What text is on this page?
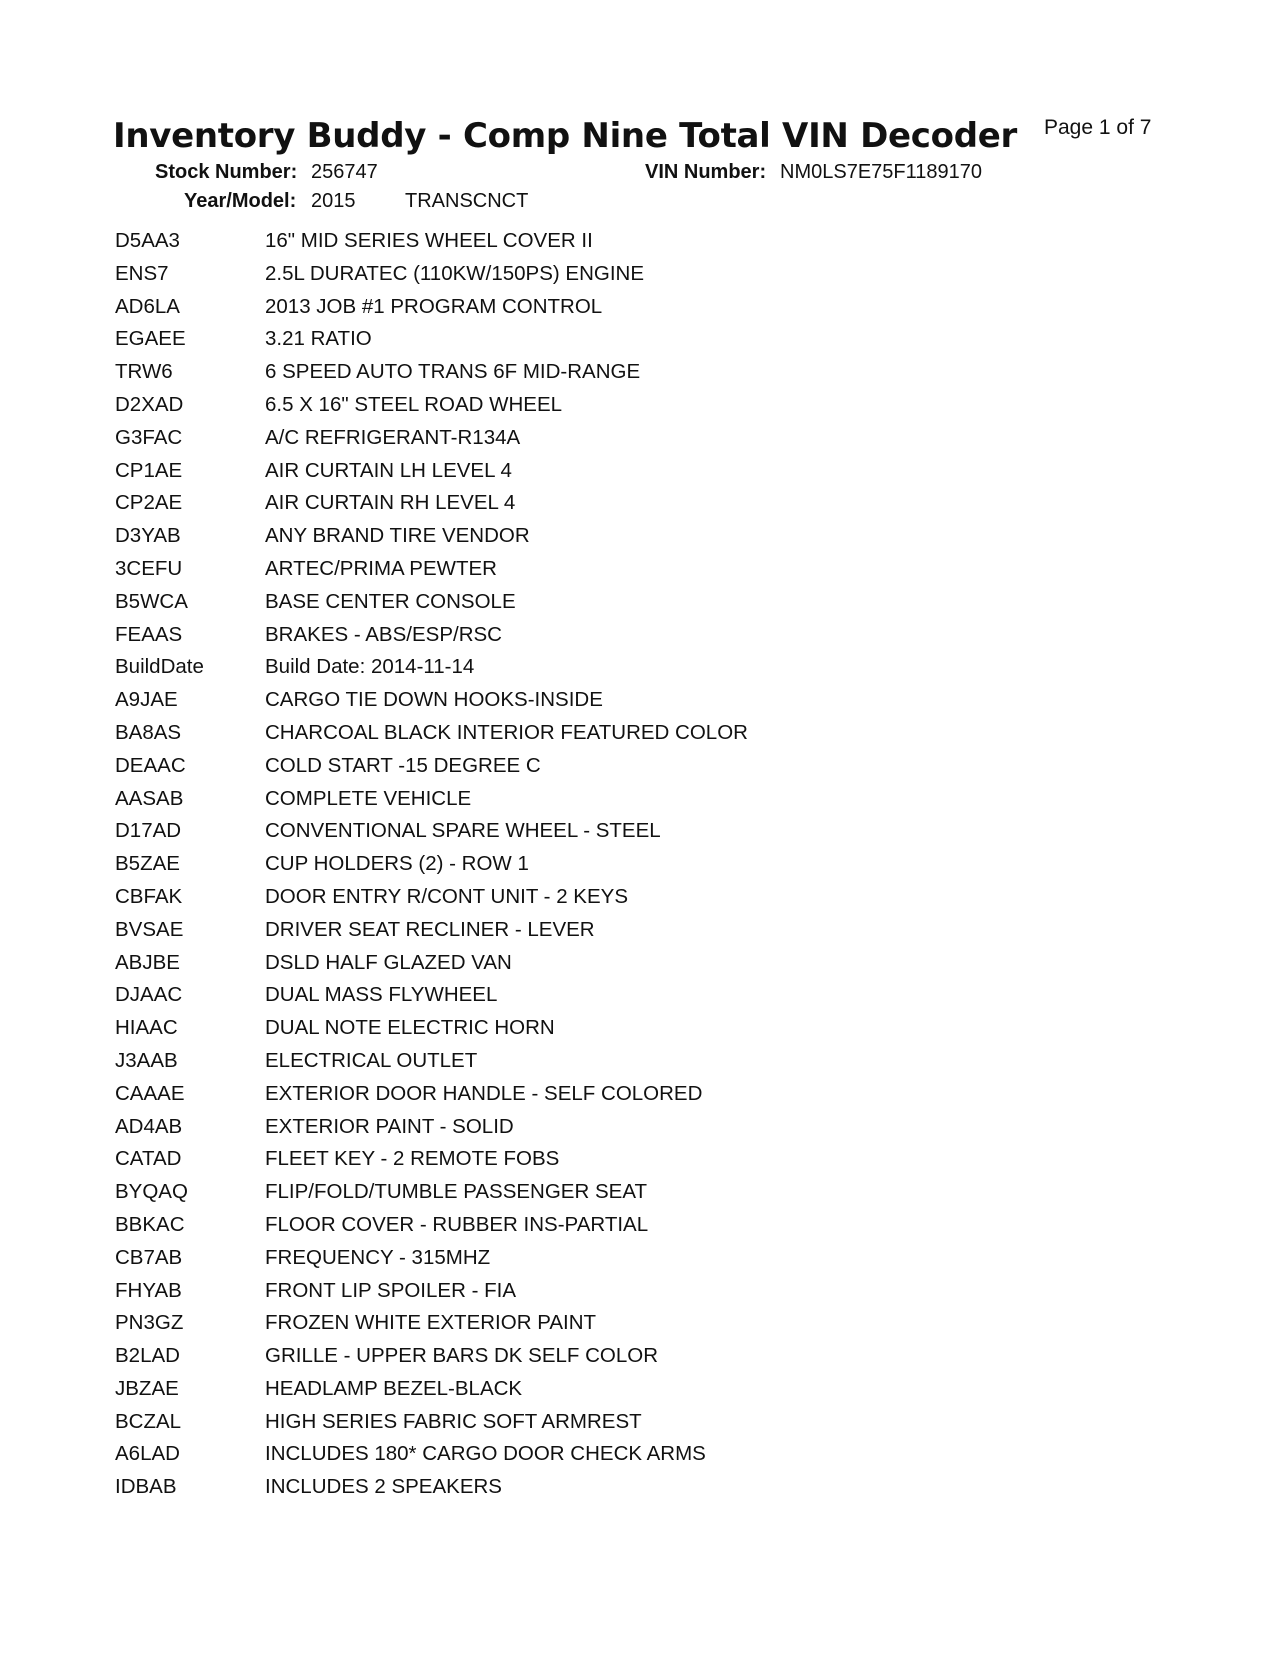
Inventory Buddy - Comp Nine Total VIN Decoder Page 1 of 7
Stock Number: 256747	VIN Number: NM0LS7E75F1189170
Year/Model: 2015 TRANSCNCT
D5AA3	16" MID SERIES WHEEL COVER II
ENS7	2.5L DURATEC (110KW/150PS) ENGINE
AD6LA	2013 JOB #1 PROGRAM CONTROL
EGAEE	3.21 RATIO
TRW6	6 SPEED AUTO TRANS 6F MID-RANGE
D2XAD	6.5 X 16" STEEL ROAD WHEEL
G3FAC	A/C REFRIGERANT-R134A
CP1AE	AIR CURTAIN LH LEVEL 4
CP2AE	AIR CURTAIN RH LEVEL 4
D3YAB	ANY BRAND TIRE VENDOR
3CEFU	ARTEC/PRIMA PEWTER
B5WCA	BASE CENTER CONSOLE
FEAAS	BRAKES - ABS/ESP/RSC
BuildDate	Build Date: 2014-11-14
A9JAE	CARGO TIE DOWN HOOKS-INSIDE
BA8AS	CHARCOAL BLACK INTERIOR FEATURED COLOR
DEAAC	COLD START -15 DEGREE C
AASAB	COMPLETE VEHICLE
D17AD	CONVENTIONAL SPARE WHEEL - STEEL
B5ZAE	CUP HOLDERS (2) - ROW 1
CBFAK	DOOR ENTRY R/CONT UNIT - 2 KEYS
BVSAE	DRIVER SEAT RECLINER - LEVER
ABJBE	DSLD HALF GLAZED VAN
DJAAC	DUAL MASS FLYWHEEL
HIAAC	DUAL NOTE ELECTRIC HORN
J3AAB	ELECTRICAL OUTLET
CAAAE	EXTERIOR DOOR HANDLE - SELF COLORED
AD4AB	EXTERIOR PAINT - SOLID
CATAD	FLEET KEY - 2 REMOTE FOBS
BYQAQ	FLIP/FOLD/TUMBLE PASSENGER SEAT
BBKAC	FLOOR COVER - RUBBER INS-PARTIAL
CB7AB	FREQUENCY - 315MHZ
FHYAB	FRONT LIP SPOILER - FIA
PN3GZ	FROZEN WHITE EXTERIOR PAINT
B2LAD	GRILLE - UPPER BARS DK SELF COLOR
JBZAE	HEADLAMP BEZEL-BLACK
BCZAL	HIGH SERIES FABRIC SOFT ARMREST
A6LAD	INCLUDES 180* CARGO DOOR CHECK ARMS
IDBAB	INCLUDES 2 SPEAKERS
